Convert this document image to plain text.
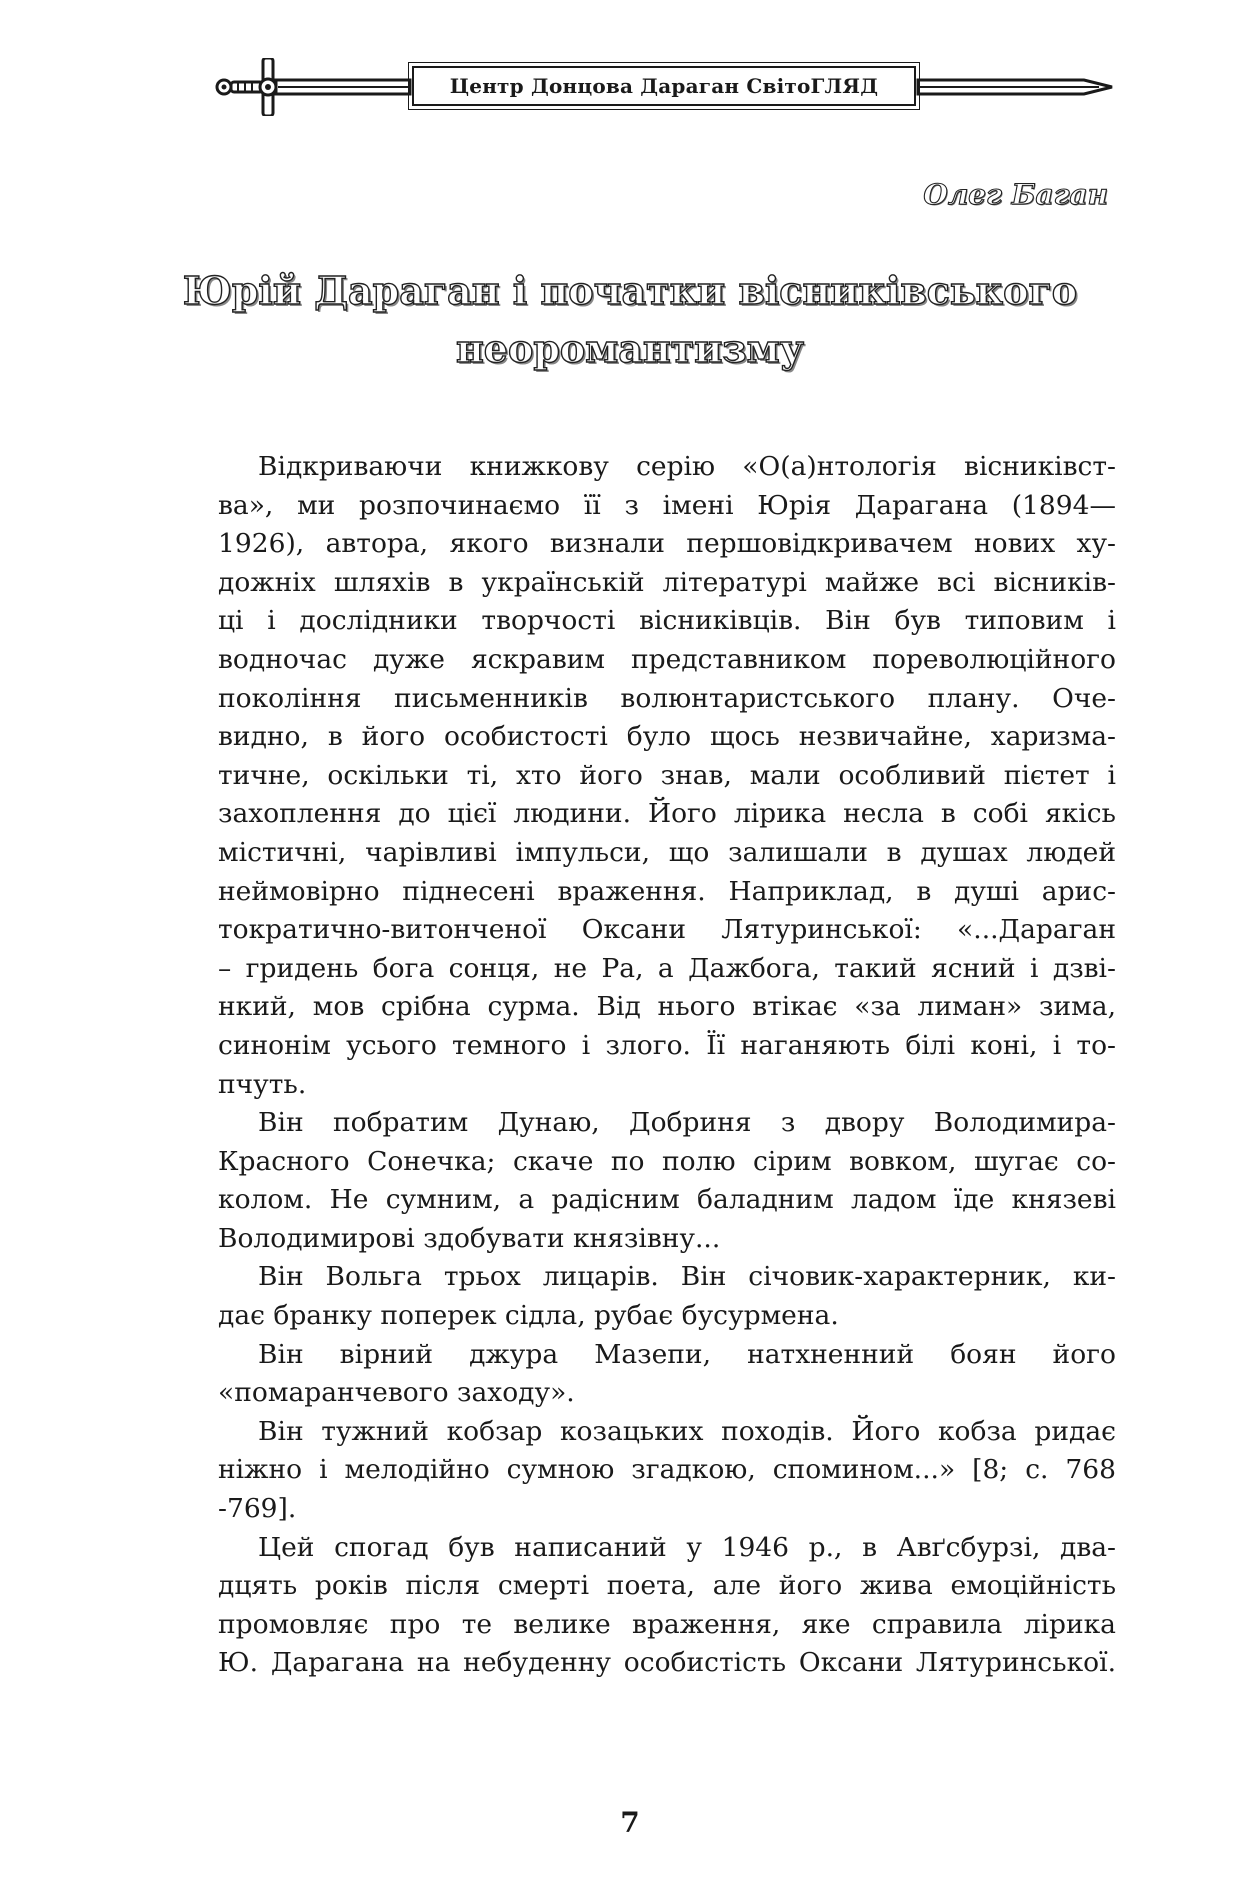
Центр Донцова Дараган СвітоГЛЯД
Олег Баган
Юрій Дараган і початки вісниківського
неоромантизму

Відкриваючи книжкову серію «О(а)нтологія вісниківст-
ва», ми розпочинаємо її з імені Юрія Дарагана (1894—
1926), автора, якого визнали першовідкривачем нових ху-
дожніх шляхів в українській літературі майже всі вісників-
ці і дослідники творчості вісниківців. Він був типовим і
водночас дуже яскравим представником пореволюційного
покоління письменників волюнтаристського плану. Оче-
видно, в його особистості було щось незвичайне, харизма-
тичне, оскільки ті, хто його знав, мали особливий пієтет і
захоплення до цієї людини. Його лірика несла в собі якісь
містичні, чарівливі імпульси, що залишали в душах людей
неймовірно піднесені враження. Наприклад, в душі арис-
тократично-витонченої Оксани Лятуринської: «...Дараган
– гридень бога сонця, не Ра, а Дажбога, такий ясний і дзві-
нкий, мов срібна сурма. Від нього втікає «за лиман» зима,
синонім усього темного і злого. Її наганяють білі коні, і то-
пчуть.

Він побратим Дунаю, Добриня з двору Володимира-
Красного Сонечка; скаче по полю сірим вовком, шугає со-
колом. Не сумним, а радісним баладним ладом їде князеві
Володимирові здобувати князівну...

Він Вольга трьох лицарів. Він січовик-характерник, ки-
дає бранку поперек сідла, рубає бусурмена.

Він вірний джура Мазепи, натхненний боян його
«помаранчевого заходу».

Він тужний кобзар козацьких походів. Його кобза ридає
ніжно і мелодійно сумною згадкою, спомином...» [8; с. 768
-769].

Цей спогад був написаний у 1946 р., в Авґсбурзі, два-
дцять років після смерті поета, але його жива емоційність
промовляє про те велике враження, яке справила лірика
Ю. Дарагана на небуденну особистість Оксани Лятуринської.

7
